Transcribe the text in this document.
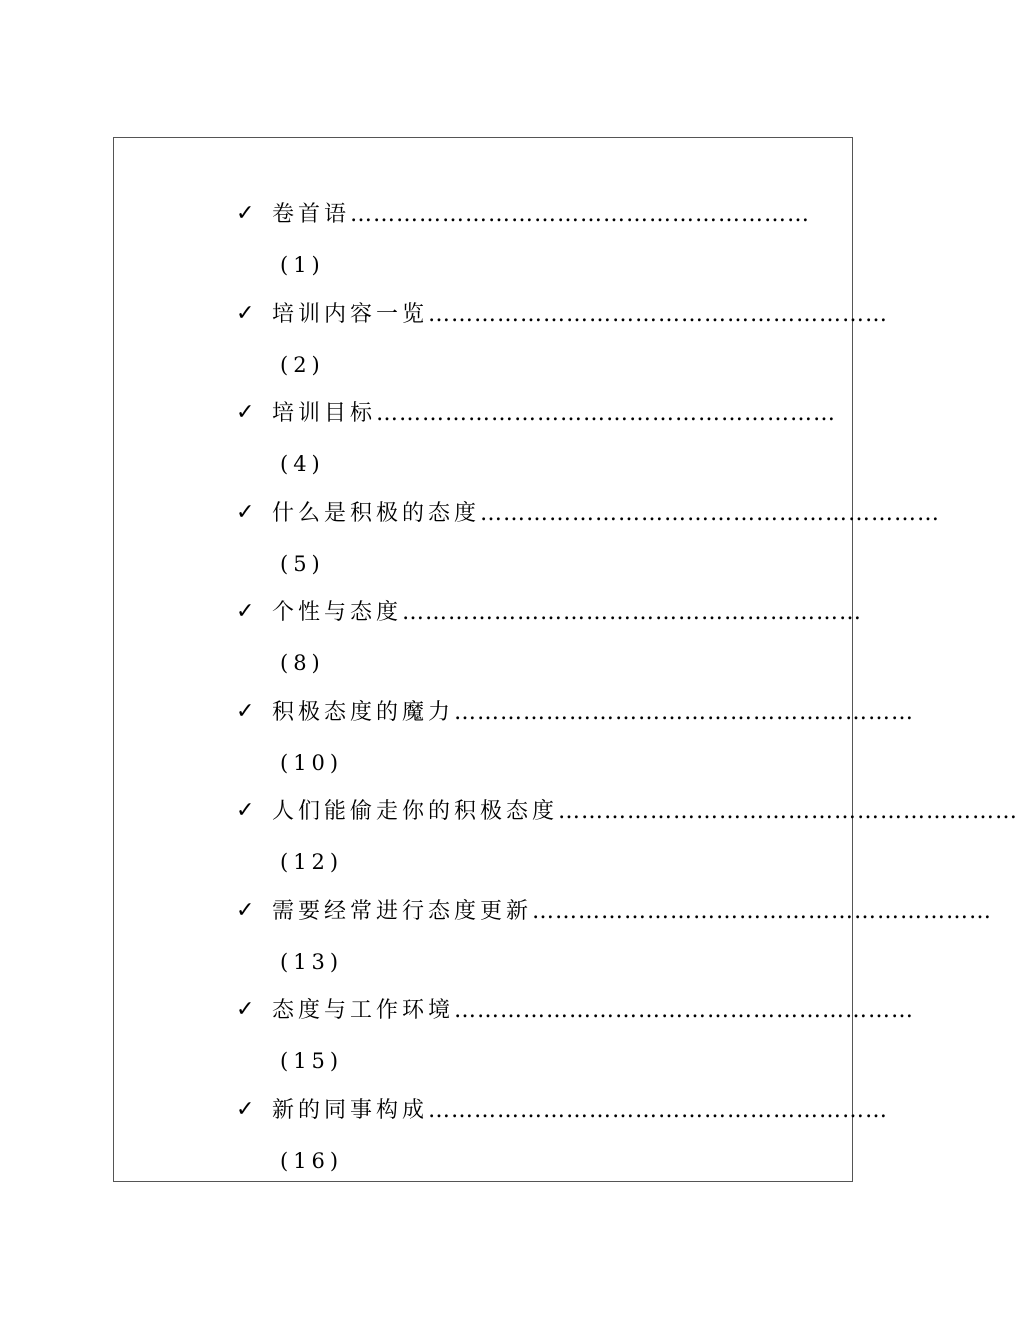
✓ 卷首语……………………………………………………
(1)
✓ 培训内容一览……………………………………………………
(2)
✓ 培训目标……………………………………………………
(4)
✓ 什么是积极的态度……………………………………………………
(5)
✓ 个性与态度……………………………………………………
(8)
✓ 积极态度的魔力……………………………………………………
(10)
✓ 人们能偷走你的积极态度……………………………………………………
(12)
✓ 需要经常进行态度更新……………………………………………………
(13)
✓ 态度与工作环境……………………………………………………
(15)
✓ 新的同事构成……………………………………………………
(16)
